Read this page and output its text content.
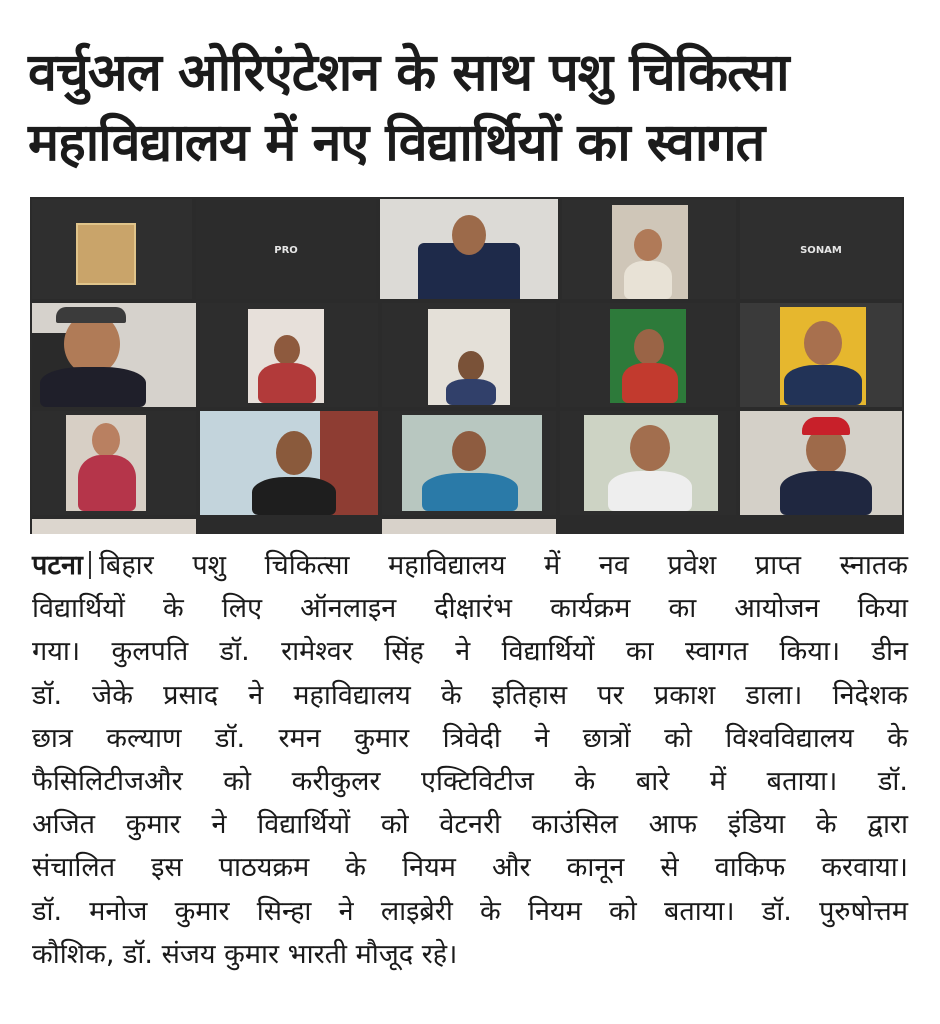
वर्चुअल ओरिएंटेशन के साथ पशु चिकित्सा
महाविद्यालय में नए विद्यार्थियों का स्वागत
PRO	SONAM
पटना बिहार पशु चिकित्सा महाविद्यालय में नव प्रवेश प्राप्त स्नातक
विद्यार्थियों के लिए ऑनलाइन दीक्षारंभ कार्यक्रम का आयोजन किया
गया। कुलपति डॉ. रामेश्वर सिंह ने विद्यार्थियों का स्वागत किया। डीन
डॉ. जेके प्रसाद ने महाविद्यालय के इतिहास पर प्रकाश डाला। निदेशक
छात्र कल्याण डॉ. रमन कुमार त्रिवेदी ने छात्रों को विश्वविद्यालय के
फैसिलिटीजऔर को करीकुलर एक्टिविटीज के बारे में बताया। डॉ.
अजित कुमार ने विद्यार्थियों को वेटनरी काउंसिल आफ इंडिया के द्वारा
संचालित इस पाठयक्रम के नियम और कानून से वाकिफ करवाया।
डॉ. मनोज कुमार सिन्हा ने लाइब्रेरी के नियम को बताया। डॉ. पुरुषोत्तम
कौशिक, डॉ. संजय कुमार भारती मौजूद रहे।
